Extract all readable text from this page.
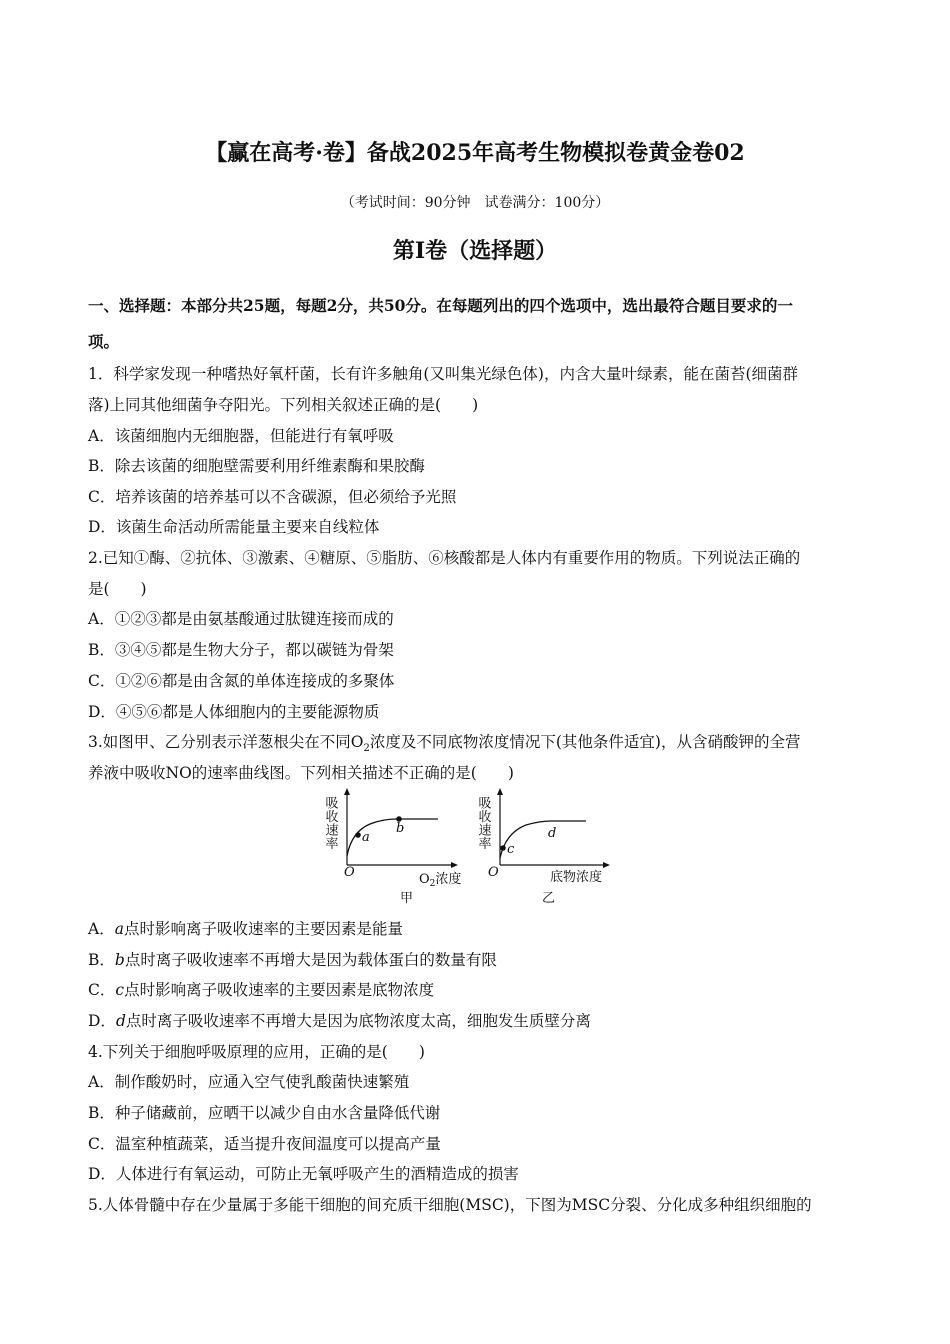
【赢在高考·卷】备战2025年高考生物模拟卷黄金卷02
（考试时间：90分钟　试卷满分：100分）
第I卷（选择题）
一、选择题：本部分共25题，每题2分，共50分。在每题列出的四个选项中，选出最符合题目要求的一
项。
1．科学家发现一种嗜热好氧杆菌，长有许多触角(又叫集光绿色体)，内含大量叶绿素，能在菌苔(细菌群
落)上同其他细菌争夺阳光。下列相关叙述正确的是(　　)
A．该菌细胞内无细胞器，但能进行有氧呼吸
B．除去该菌的细胞壁需要利用纤维素酶和果胶酶
C．培养该菌的培养基可以不含碳源，但必须给予光照
D．该菌生命活动所需能量主要来自线粒体
2.已知①酶、②抗体、③激素、④糖原、⑤脂肪、⑥核酸都是人体内有重要作用的物质。下列说法正确的
是(　　)
A．①②③都是由氨基酸通过肽键连接而成的
B．③④⑤都是生物大分子，都以碳链为骨架
C．①②⑥都是由含氮的单体连接成的多聚体
D．④⑤⑥都是人体细胞内的主要能源物质
3.如图甲、乙分别表示洋葱根尖在不同$O_2$浓度及不同底物浓度情况下(其他条件适宜)，从含硝酸钾的全营
养液中吸收NO的速率曲线图。下列相关描述不正确的是(　　)
a
b
吸收速率
O	$O_2$浓度
甲
c
d
吸收速率
O	底物浓度
乙
A．a点时影响离子吸收速率的主要因素是能量
B．b点时离子吸收速率不再增大是因为载体蛋白的数量有限
C．c点时影响离子吸收速率的主要因素是底物浓度
D．d点时离子吸收速率不再增大是因为底物浓度太高，细胞发生质壁分离
4.下列关于细胞呼吸原理的应用，正确的是(　　)
A．制作酸奶时，应通入空气使乳酸菌快速繁殖
B．种子储藏前，应晒干以减少自由水含量降低代谢
C．温室种植蔬菜，适当提升夜间温度可以提高产量
D．人体进行有氧运动，可防止无氧呼吸产生的酒精造成的损害
5.人体骨髓中存在少量属于多能干细胞的间充质干细胞(MSC)，下图为MSC分裂、分化成多种组织细胞的
